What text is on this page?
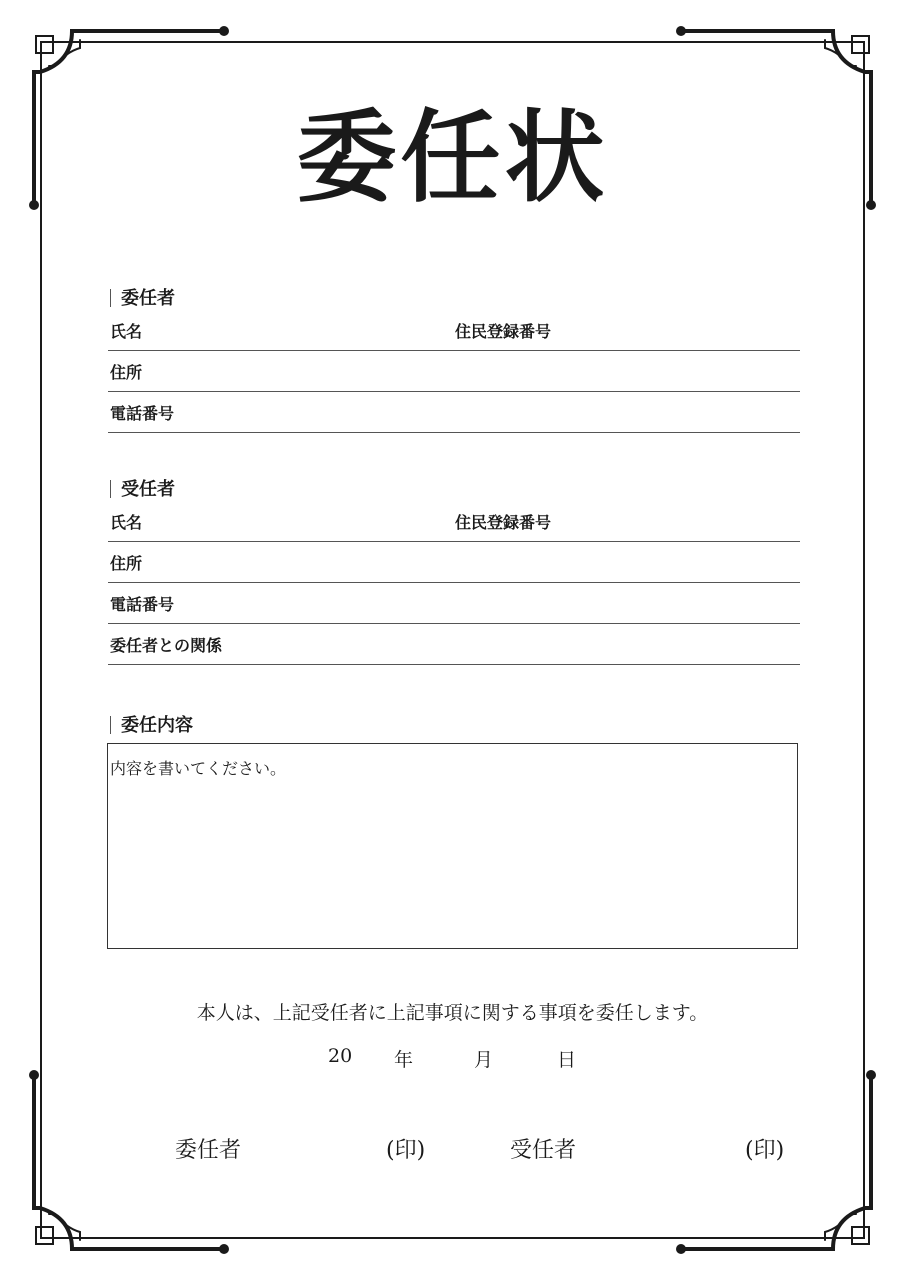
委任状
委任者
氏名	住民登録番号
住所
電話番号
受任者
氏名	住民登録番号
住所
電話番号
委任者との関係
委任内容
内容を書いてください。
本人は、上記受任者に上記事項に関する事項を委任します。
20 年	月	日
委任者	(印)	受任者	(印)
